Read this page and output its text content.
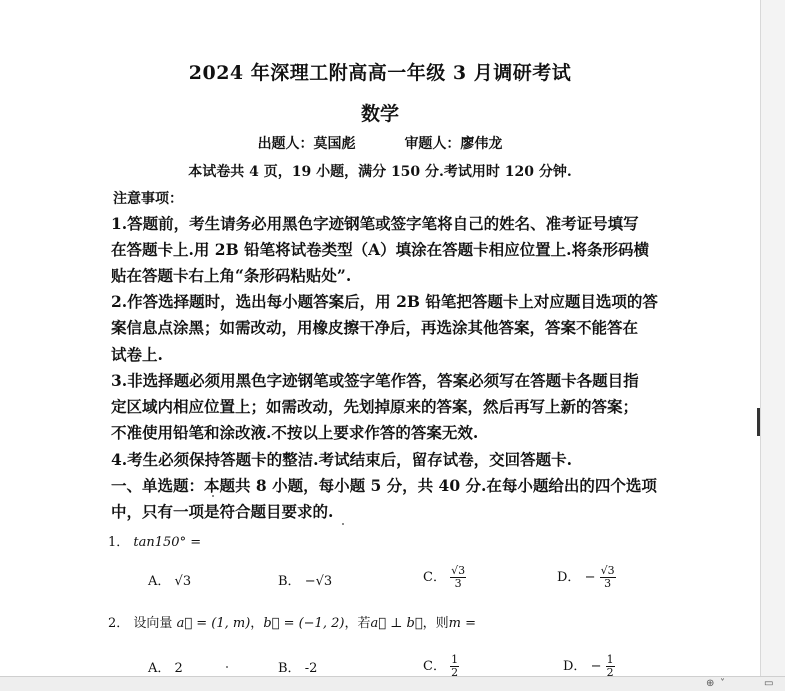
2024 年深理工附高高一年级 3 月调研考试
数学
出题人：莫国彪	审题人：廖伟龙
本试卷共 4 页，19 小题，满分 150 分.考试用时 120 分钟.
注意事项：
1.答题前，考生请务必用黑色字迹钢笔或签字笔将自己的姓名、准考证号填写
在答题卡上.用 2B 铅笔将试卷类型（A）填涂在答题卡相应位置上.将条形码横
贴在答题卡右上角“条形码粘贴处”.
2.作答选择题时，选出每小题答案后，用 2B 铅笔把答题卡上对应题目选项的答
案信息点涂黑；如需改动，用橡皮擦干净后，再选涂其他答案，答案不能答在
试卷上.
3.非选择题必须用黑色字迹钢笔或签字笔作答，答案必须写在答题卡各题目指
定区域内相应位置上；如需改动，先划掉原来的答案，然后再写上新的答案；
不准使用铅笔和涂改液.不按以上要求作答的答案无效.
4.考生必须保持答题卡的整洁.考试结束后，留存试卷，交回答题卡.
一、单选题：本题共 8 小题，每小题 5 分，共 40 分.在每小题给出的四个选项
中，只有一项是符合题目要求的.
1． tan150° =
A． √3	B． −√3	C． $\frac{√3}{3}$	D． − $\frac{√3}{3}$
2． 设向量 a⃗ = (1, m)，b⃗ = (−1, 2)，若a⃗ ⊥ b⃗，则m =
A． 2	B． -2	C． $\frac{1}{2}$	D． − $\frac{1}{2}$
⊕ ˅	▭
